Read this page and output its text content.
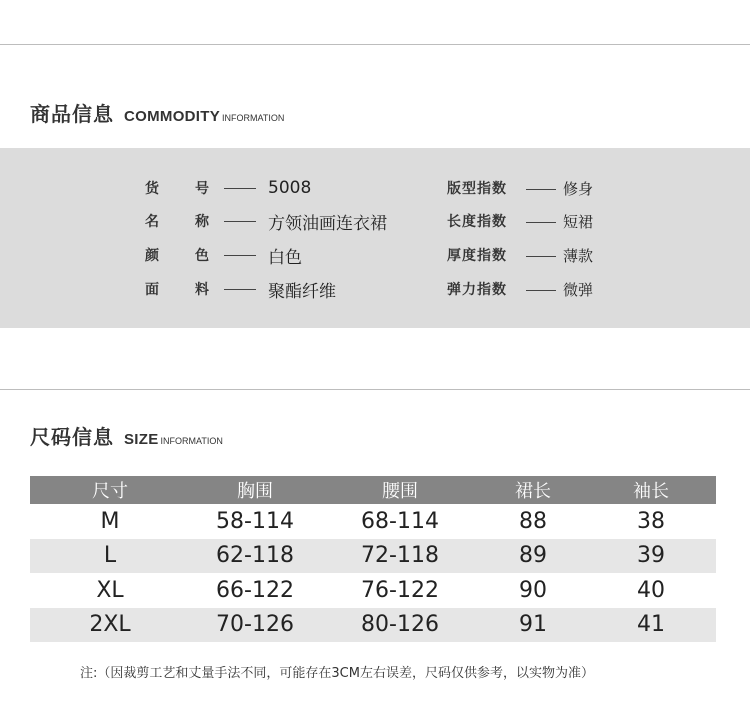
商品信息 COMMODITY INFORMATION
货	号	5008	版型指数	修身
名	称	方领油画连衣裙	长度指数	短裙
颜	色	白色	厚度指数	薄款
面	料	聚酯纤维	弹力指数	微弹
尺码信息 SIZE INFORMATION
尺寸	胸围	腰围	裙长	袖长
M	58-114	68-114	88	38
L	62-118	72-118	89	39
XL	66-122	76-122	90	40
2XL	70-126	80-126	91	41
注:（因裁剪工艺和丈量手法不同，可能存在3CM左右误差，尺码仅供参考，以实物为准）
